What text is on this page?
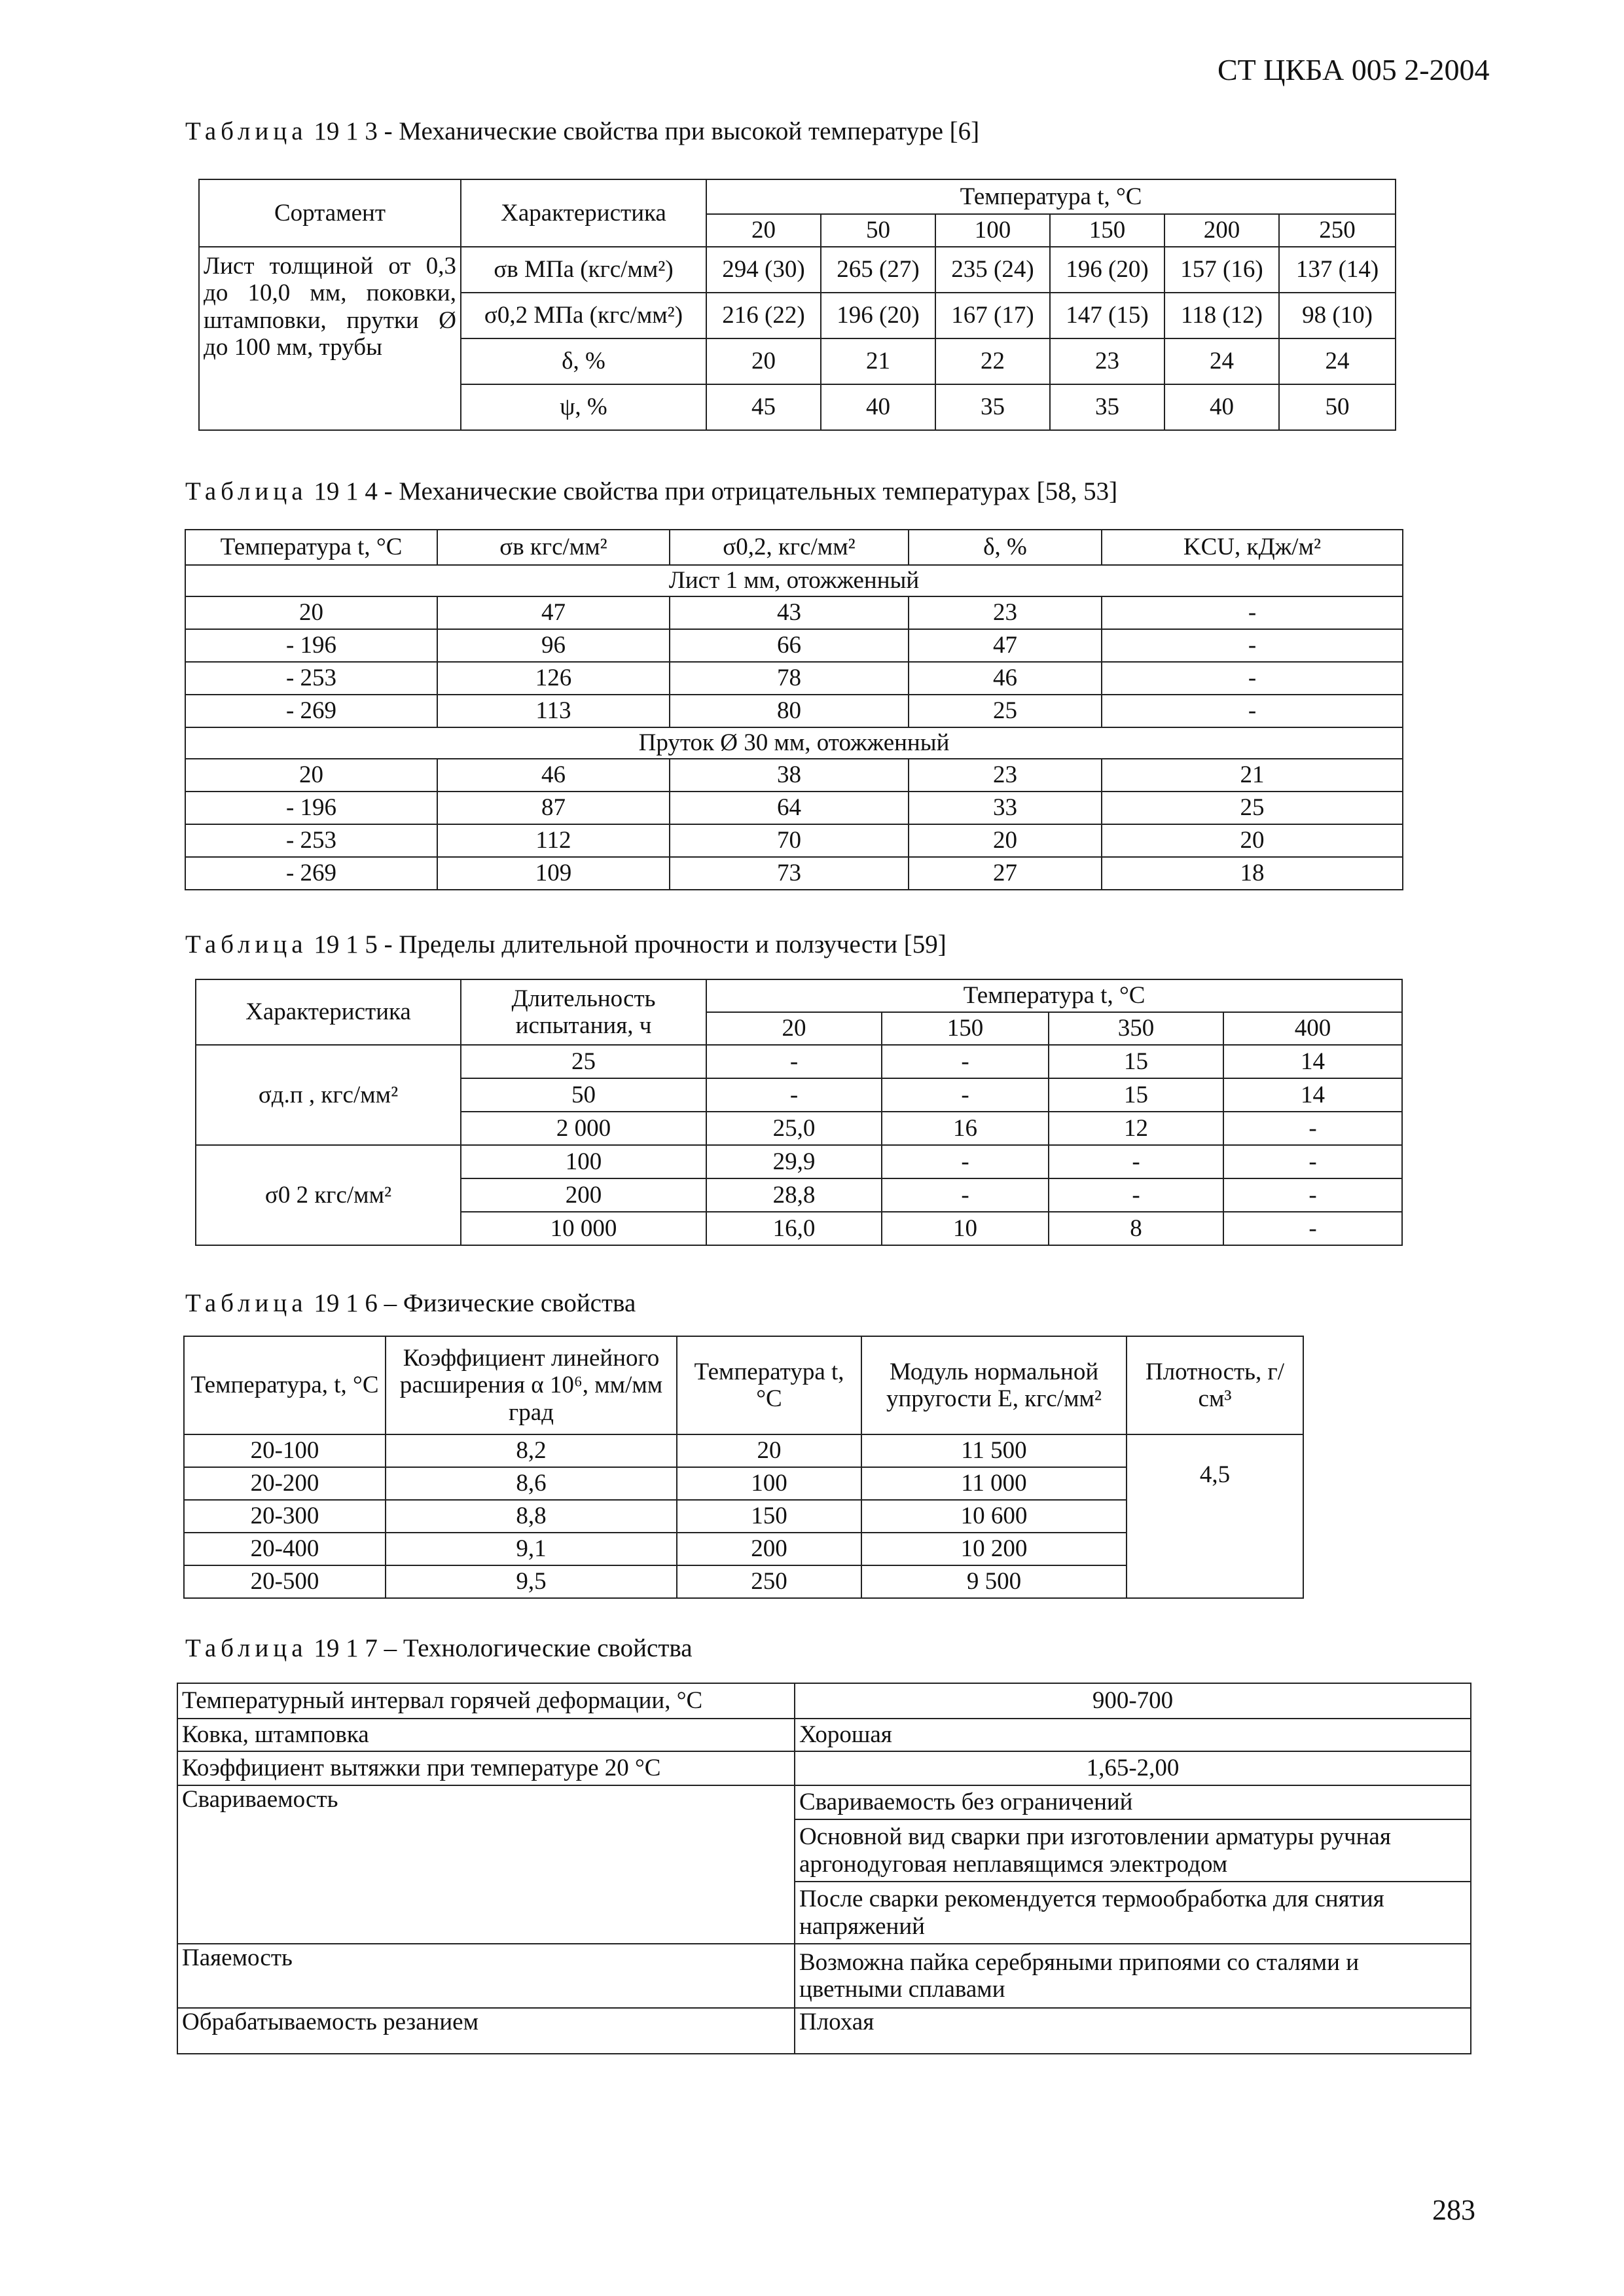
СТ ЦКБА 005 2-2004
Таблица 19 1 3 - Механические свойства при высокой температуре [6]
Сортамент	Характеристика	Температура t, °С					
		20	50	100	150	200	250
Лист толщиной от 0,3 до 10,0 мм, поковки, штамповки, прутки Ø до 100 мм, трубы	σв МПа (кгс/мм²)	294 (30)	265 (27)	235 (24)	196 (20)	157 (16)	137 (14)
	σ0,2 МПа (кгс/мм²)	216 (22)	196 (20)	167 (17)	147 (15)	118 (12)	98 (10)
	δ, %	20	21	22	23	24	24
	ψ, %	45	40	35	35	40	50
Таблица 19 1 4 - Механические свойства при отрицательных температурах [58, 53]
Температура t, °С	σв кгс/мм²	σ0,2, кгс/мм²	δ, %	KCU, кДж/м²
Лист 1 мм, отожженный				
20	47	43	23	-
- 196	96	66	47	-
- 253	126	78	46	-
- 269	113	80	25	-
Пруток Ø 30 мм, отожженный				
20	46	38	23	21
- 196	87	64	33	25
- 253	112	70	20	20
- 269	109	73	27	18
Таблица 19 1 5 - Пределы длительной прочности и ползучести [59]
Характеристика	Длительность испытания, ч	Температура t, °С			
		20	150	350	400
σд.п , кгс/мм²	25	-	-	15	14
	50	-	-	15	14
	2 000	25,0	16	12	-
σ0 2 кгс/мм²	100	29,9	-	-	-
	200	28,8	-	-	-
	10 000	16,0	10	8	-
Таблица 19 1 6 – Физические свойства
Температура, t, °С	Коэффициент линейного расширения α 10⁶, мм/мм град	Температура t, °С	Модуль нормальной упругости Е, кгс/мм²	Плотность, г/см³
20-100	8,2	20	11 500	4,5
20-200	8,6	100	11 000	
20-300	8,8	150	10 600	
20-400	9,1	200	10 200	
20-500	9,5	250	9 500	
Таблица 19 1 7 – Технологические свойства
Температурный интервал горячей деформации, °С	900-700
Ковка, штамповка	Хорошая
Коэффициент вытяжки при температуре 20 °С	1,65-2,00
Свариваемость	Свариваемость без ограничений
	Основной вид сварки при изготовлении арматуры ручная аргонодуговая неплавящимся электродом
	После сварки рекомендуется термообработка для снятия напряжений
Паяемость	Возможна пайка серебряными припоями со сталями и цветными сплавами
Обрабатываемость резанием	Плохая
283
